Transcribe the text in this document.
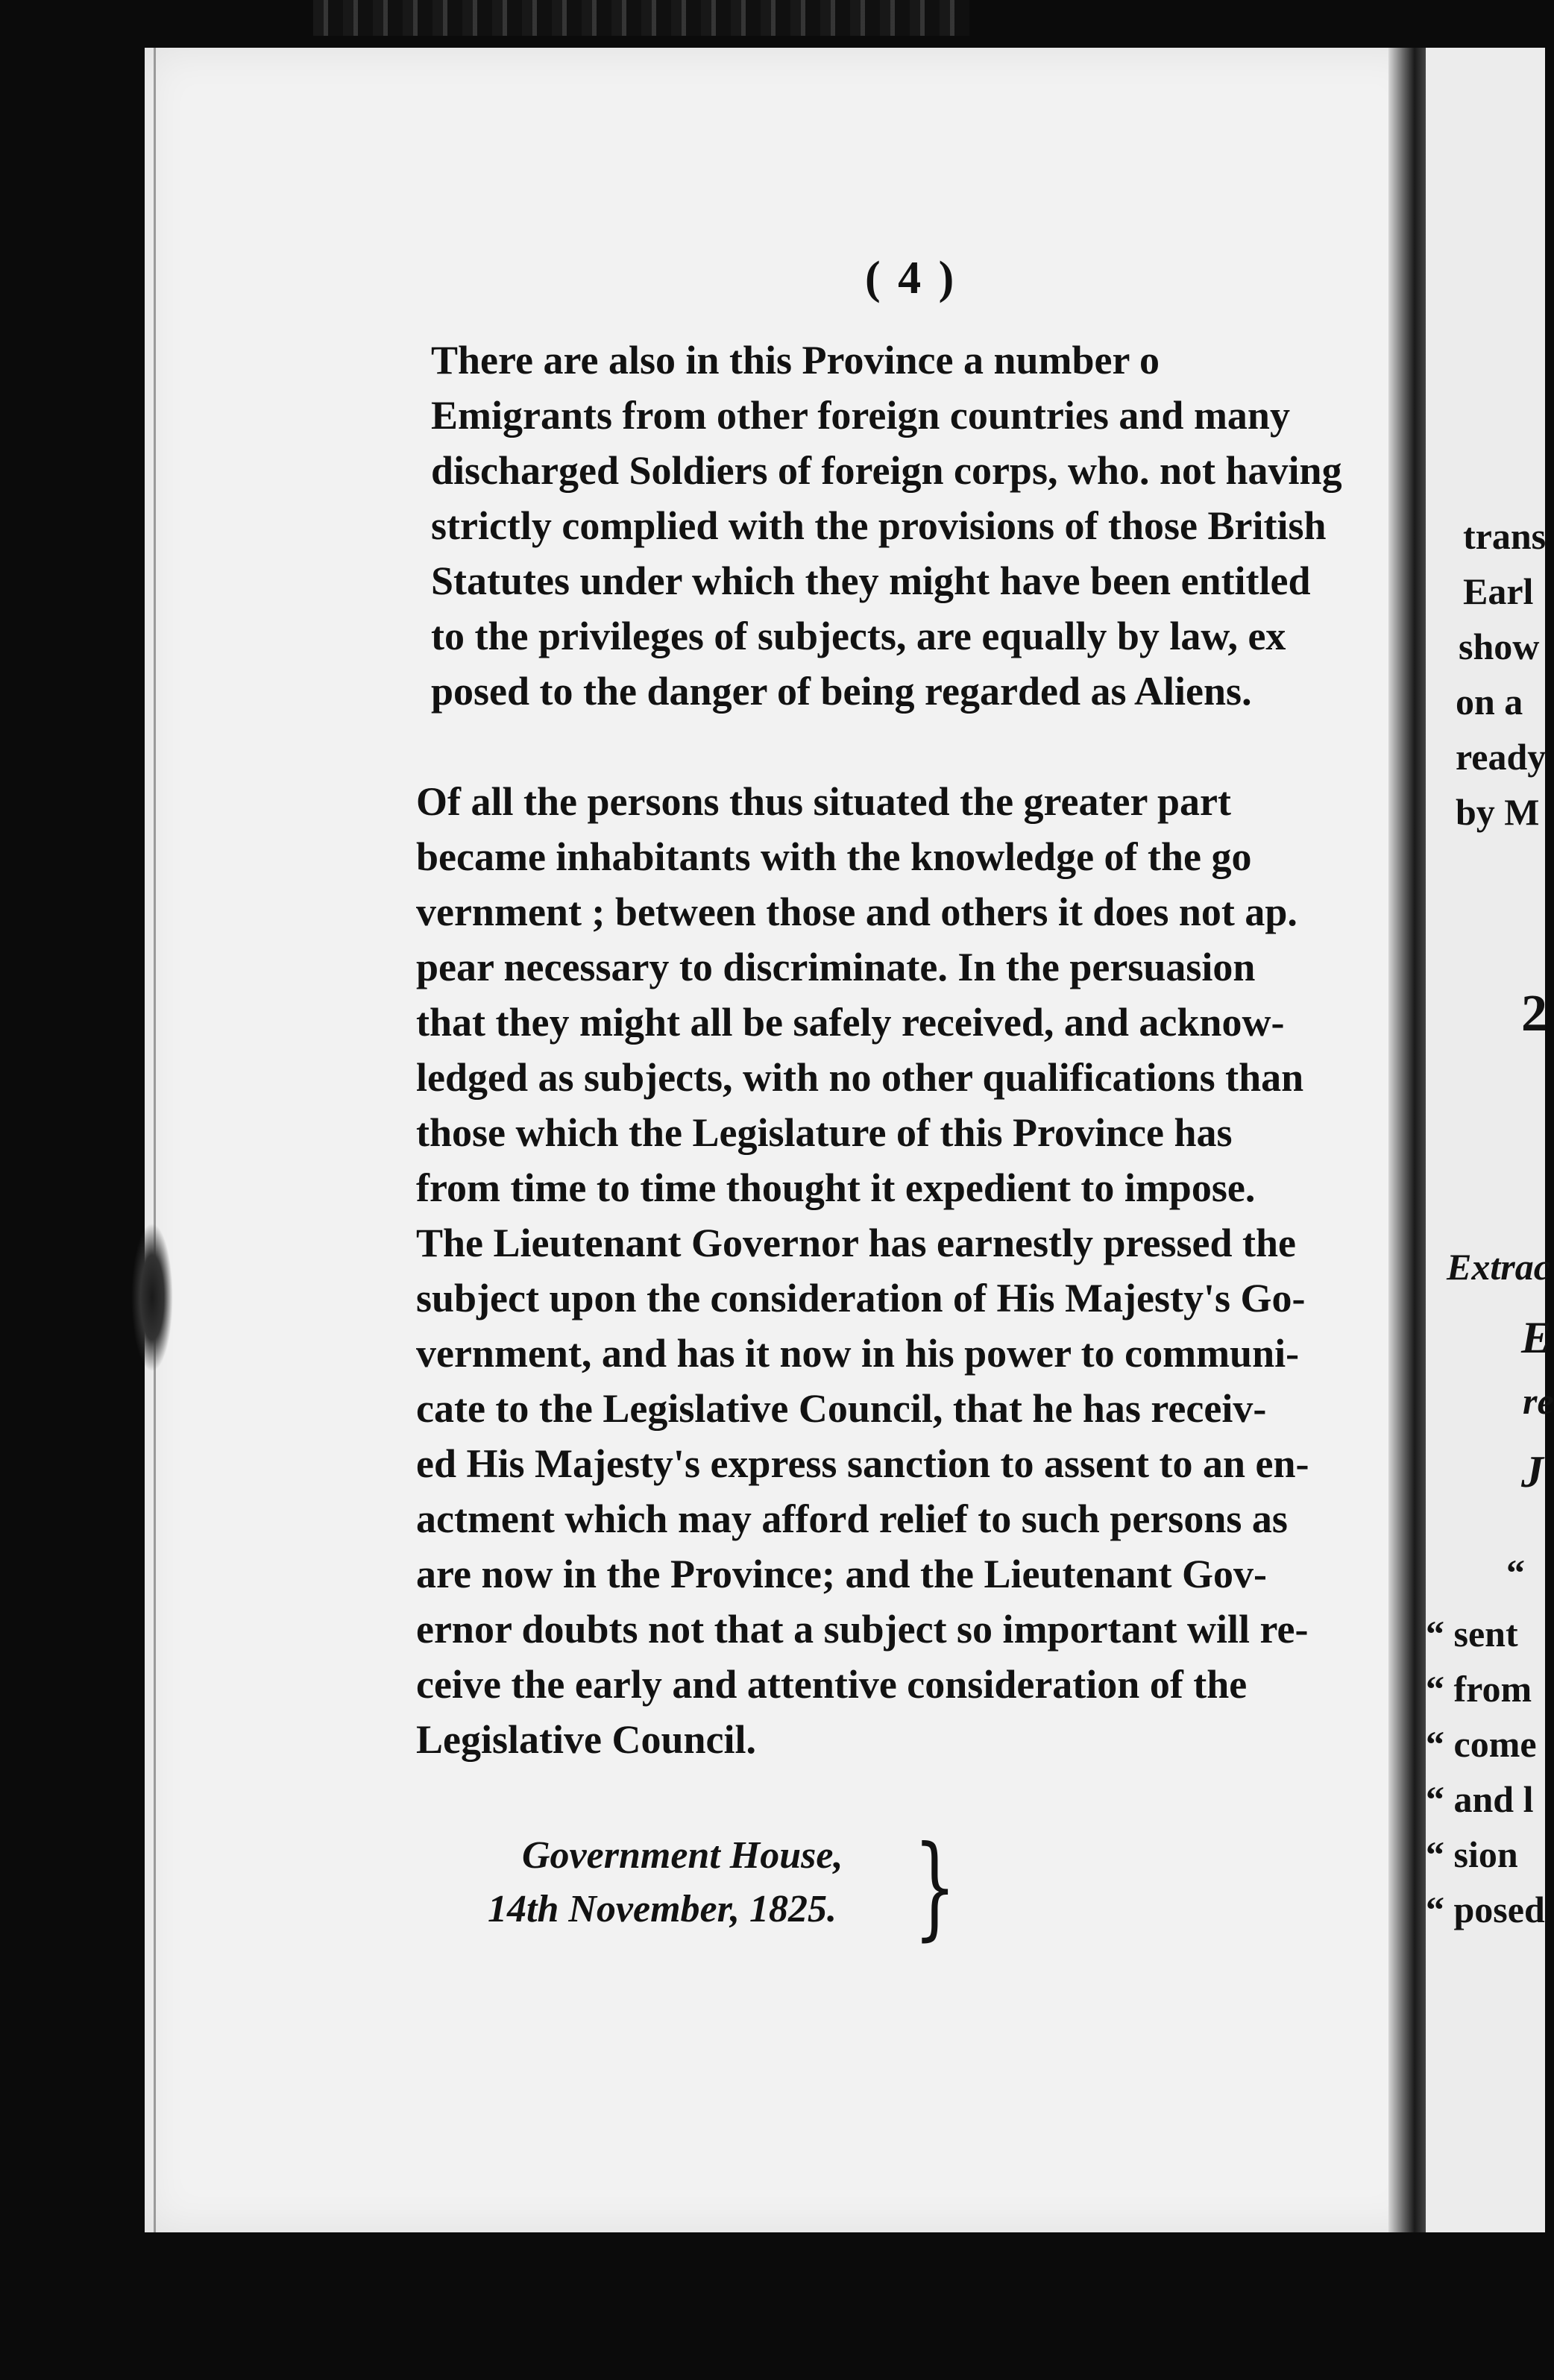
( 4 )
There are also in this Province a number o
Emigrants from other foreign countries and many
discharged Soldiers of foreign corps, who. not having
strictly complied with the provisions of those British
Statutes under which they might have been entitled
to the privileges of subjects, are equally by law, ex
posed to the danger of being regarded as Aliens.
Of all the persons thus situated the greater part
became inhabitants with the knowledge of the go
vernment ; between those and others it does not ap.
pear necessary to discriminate. In the persuasion
that they might all be safely received, and acknow-
ledged as subjects, with no other qualifications than
those which the Legislature of this Province has
from time to time thought it expedient to impose.
The Lieutenant Governor has earnestly pressed the
subject upon the consideration of His Majesty's Go-
vernment, and has it now in his power to communi-
cate to the Legislative Council, that he has receiv-
ed His Majesty's express sanction to assent to an en-
actment which may afford relief to such persons as
are now in the Province; and the Lieutenant Gov-
ernor doubts not that a subject so important will re-
ceive the early and attentive consideration of the
Legislative Council.
Government House,
14th November, 1825. }
trans
Earl
show
on a
ready
by M
2
Extrac
E
re
J
“
“ sent
“ from
“ come
“ and l
“ sion
“ posed
